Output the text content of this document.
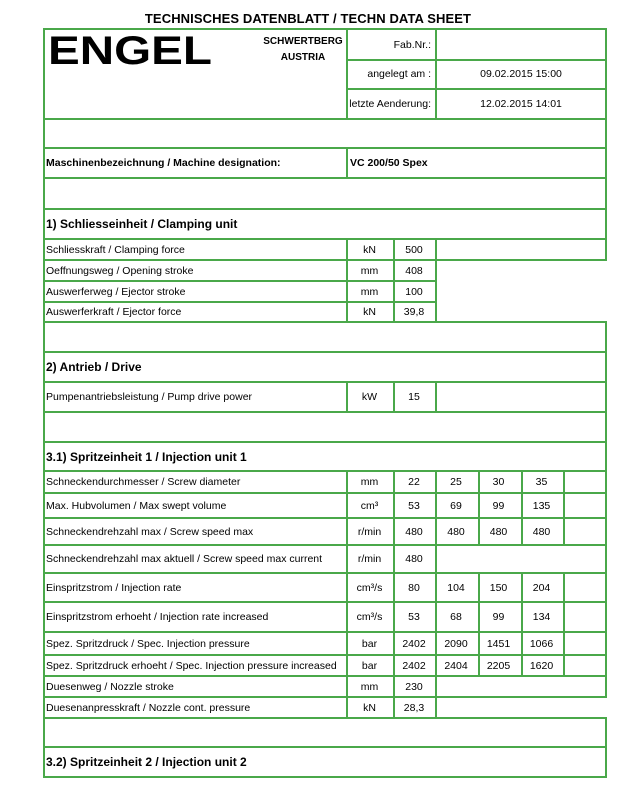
TECHNISCHES DATENBLATT / TECHN DATA SHEET
ENGEL	SCHWERTBERG
AUSTRIA
Fab.Nr.:
angelegt am :	09.02.2015 15:00
letzte Aenderung:	12.02.2015 14:01
Maschinenbezeichnung / Machine designation:	VC 200/50 Spex
1) Schliesseinheit / Clamping unit
Schliesskraft / Clamping force	kN	500
Oeffnungsweg / Opening stroke	mm	408
Auswerferweg / Ejector stroke	mm	100
Auswerferkraft / Ejector force	kN	39,8
2) Antrieb / Drive
Pumpenantriebsleistung / Pump drive power	kW	15
3.1) Spritzeinheit 1 / Injection unit 1
Schneckendurchmesser / Screw diameter	mm	22	25	30	35
Max. Hubvolumen / Max swept volume	cm³	53	69	99	135
Schneckendrehzahl max / Screw speed max	r/min	480	480	480	480
Schneckendrehzahl max aktuell / Screw speed max current	r/min	480
Einspritzstrom / Injection rate	cm³/s	80	104	150	204
Einspritzstrom erhoeht / Injection rate increased	cm³/s	53	68	99	134
Spez. Spritzdruck / Spec. Injection pressure	bar	2402	2090	1451	1066
Spez. Spritzdruck erhoeht / Spec. Injection pressure increased	bar	2402	2404	2205	1620
Duesenweg / Nozzle stroke	mm	230
Duesenanpresskraft / Nozzle cont. pressure	kN	28,3
3.2) Spritzeinheit 2 / Injection unit 2
